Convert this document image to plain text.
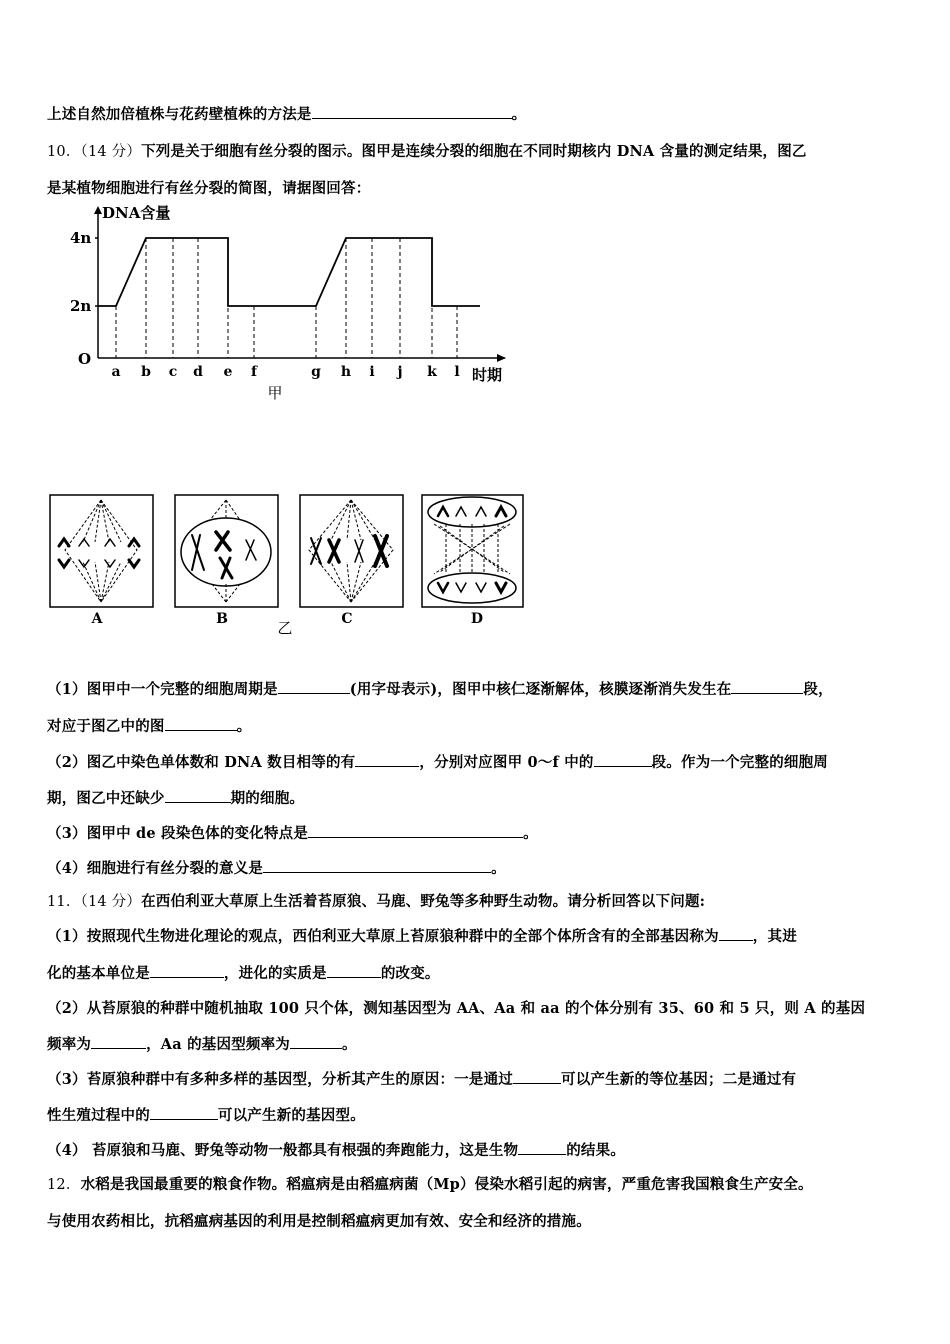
上述自然加倍植株与花药壁植株的方法是	。
10．（14 分）下列是关于细胞有丝分裂的图示。图甲是连续分裂的细胞在不同时期核内 DNA 含量的测定结果，图乙
是某植物细胞进行有丝分裂的简图，请据图回答：
DNA含量
时期
O
2n
4n
a b c d e f	g h i j k l
甲
A	B	C	D
乙
（1）图甲中一个完整的细胞周期是	(用字母表示)，图甲中核仁逐渐解体，核膜逐渐消失发生在	段，
对应于图乙中的图	。
（2）图乙中染色单体数和 DNA 数目相等的有	，分别对应图甲 0～f 中的	段。作为一个完整的细胞周
期，图乙中还缺少	期的细胞。
（3）图甲中 de 段染色体的变化特点是	。
（4）细胞进行有丝分裂的意义是	。
11．（14 分）在西伯利亚大草原上生活着苔原狼、马鹿、野兔等多种野生动物。请分析回答以下问题:
（1）按照现代生物进化理论的观点，西伯利亚大草原上苔原狼种群中的全部个体所含有的全部基因称为 ，其进
化的基本单位是	，进化的实质是	的改变。
（2）从苔原狼的种群中随机抽取 100 只个体，测知基因型为 AA、Aa 和 aa 的个体分别有 35、60 和 5 只，则 A 的基因
频率为	，Aa 的基因型频率为	。
（3）苔原狼种群中有多种多样的基因型，分析其产生的原因：一是通过	可以产生新的等位基因；二是通过有
性生殖过程中的	可以产生新的基因型。
（4） 苔原狼和马鹿、野兔等动物一般都具有根强的奔跑能力，这是生物	的结果。
12．水稻是我国最重要的粮食作物。稻瘟病是由稻瘟病菌（Mp）侵染水稻引起的病害，严重危害我国粮食生产安全。
与使用农药相比，抗稻瘟病基因的利用是控制稻瘟病更加有效、安全和经济的措施。
